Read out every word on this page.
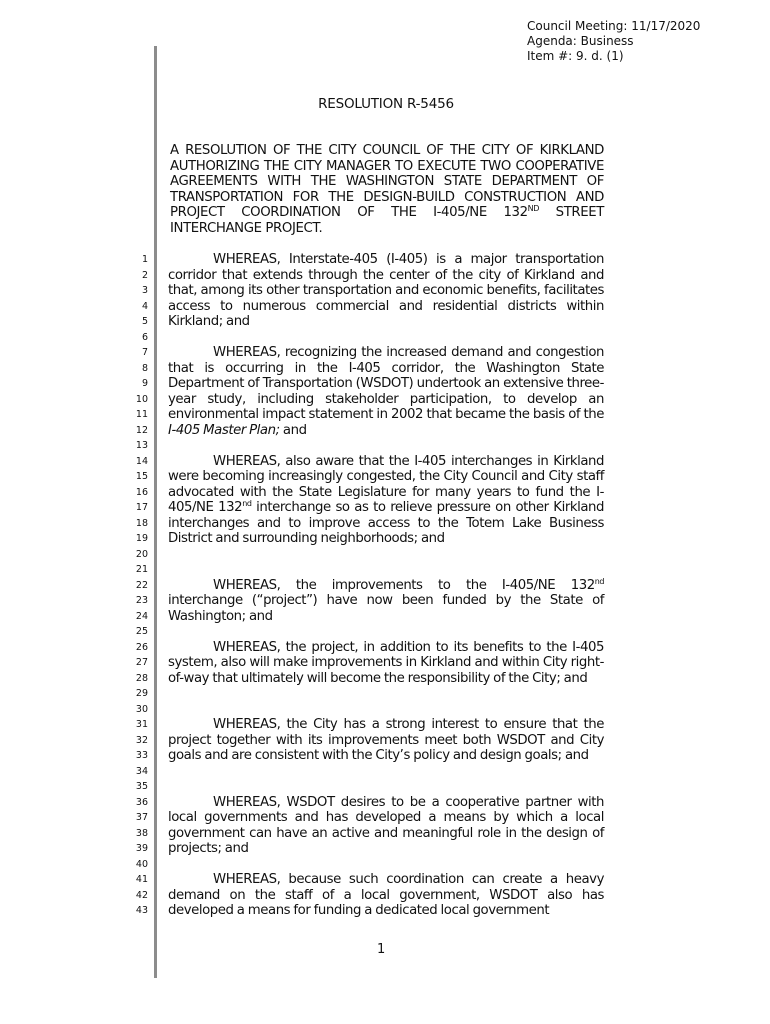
Council Meeting: 11/17/2020
Agenda: Business
Item #: 9. d. (1)
RESOLUTION R-5456
A RESOLUTION OF THE CITY COUNCIL OF THE CITY OF KIRKLAND AUTHORIZING THE CITY MANAGER TO EXECUTE TWO COOPERATIVE AGREEMENTS WITH THE WASHINGTON STATE DEPARTMENT OF TRANSPORTATION FOR THE DESIGN-BUILD CONSTRUCTION AND PROJECT COORDINATION OF THE I-405/NE 132ND STREET INTERCHANGE PROJECT.
1
2
3
4
5
6
7
8
9
10
11
12
13
14
15
16
17
18
19
20
21
22
23
24
25
26
27
28
29
30
31
32
33
34
35
36
37
38
39
40
41
42
43
WHEREAS, Interstate-405 (I-405) is a major transportation corridor that extends through the center of the city of Kirkland and that, among its other transportation and economic benefits, facilitates access to numerous commercial and residential districts within Kirkland; and
WHEREAS, recognizing the increased demand and congestion that is occurring in the I-405 corridor, the Washington State Department of Transportation (WSDOT) undertook an extensive three-year study, including stakeholder participation, to develop an environmental impact statement in 2002 that became the basis of the I-405 Master Plan; and
WHEREAS, also aware that the I-405 interchanges in Kirkland were becoming increasingly congested, the City Council and City staff advocated with the State Legislature for many years to fund the I-405/NE 132nd interchange so as to relieve pressure on other Kirkland interchanges and to improve access to the Totem Lake Business District and surrounding neighborhoods; and
WHEREAS, the improvements to the I-405/NE 132nd interchange (“project”) have now been funded by the State of Washington; and
WHEREAS, the project, in addition to its benefits to the I-405 system, also will make improvements in Kirkland and within City right-of-way that ultimately will become the responsibility of the City; and
WHEREAS, the City has a strong interest to ensure that the project together with its improvements meet both WSDOT and City goals and are consistent with the City’s policy and design goals; and
WHEREAS, WSDOT desires to be a cooperative partner with local governments and has developed a means by which a local government can have an active and meaningful role in the design of projects; and
WHEREAS, because such coordination can create a heavy demand on the staff of a local government, WSDOT also has developed a means for funding a dedicated local government
1
